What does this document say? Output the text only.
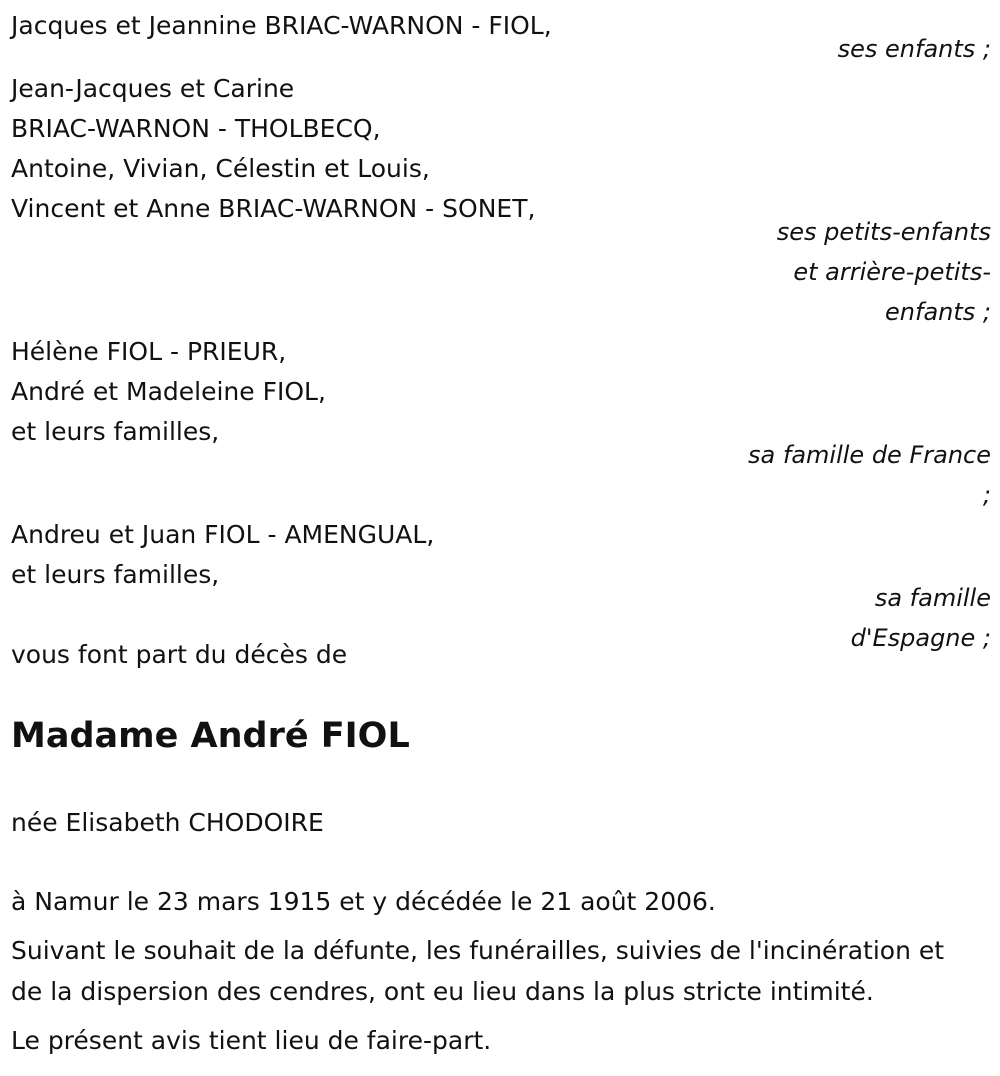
Jacques et Jeannine BRIAC-WARNON - FIOL,
ses enfants ;
Jean-Jacques et Carine
BRIAC-WARNON - THOLBECQ,
Antoine, Vivian, Célestin et Louis,
Vincent et Anne BRIAC-WARNON - SONET,
ses petits-enfants
et arrière-petits-
enfants ;
Hélène FIOL - PRIEUR,
André et Madeleine FIOL,
et leurs familles,
sa famille de France
;
Andreu et Juan FIOL - AMENGUAL,
et leurs familles,
sa famille
d'Espagne ;
vous font part du décès de
Madame André FIOL
née Elisabeth CHODOIRE
à Namur le 23 mars 1915 et y décédée le 21 août 2006.
Suivant le souhait de la défunte, les funérailles, suivies de l'incinération et
de la dispersion des cendres, ont eu lieu dans la plus stricte intimité.
Le présent avis tient lieu de faire-part.
